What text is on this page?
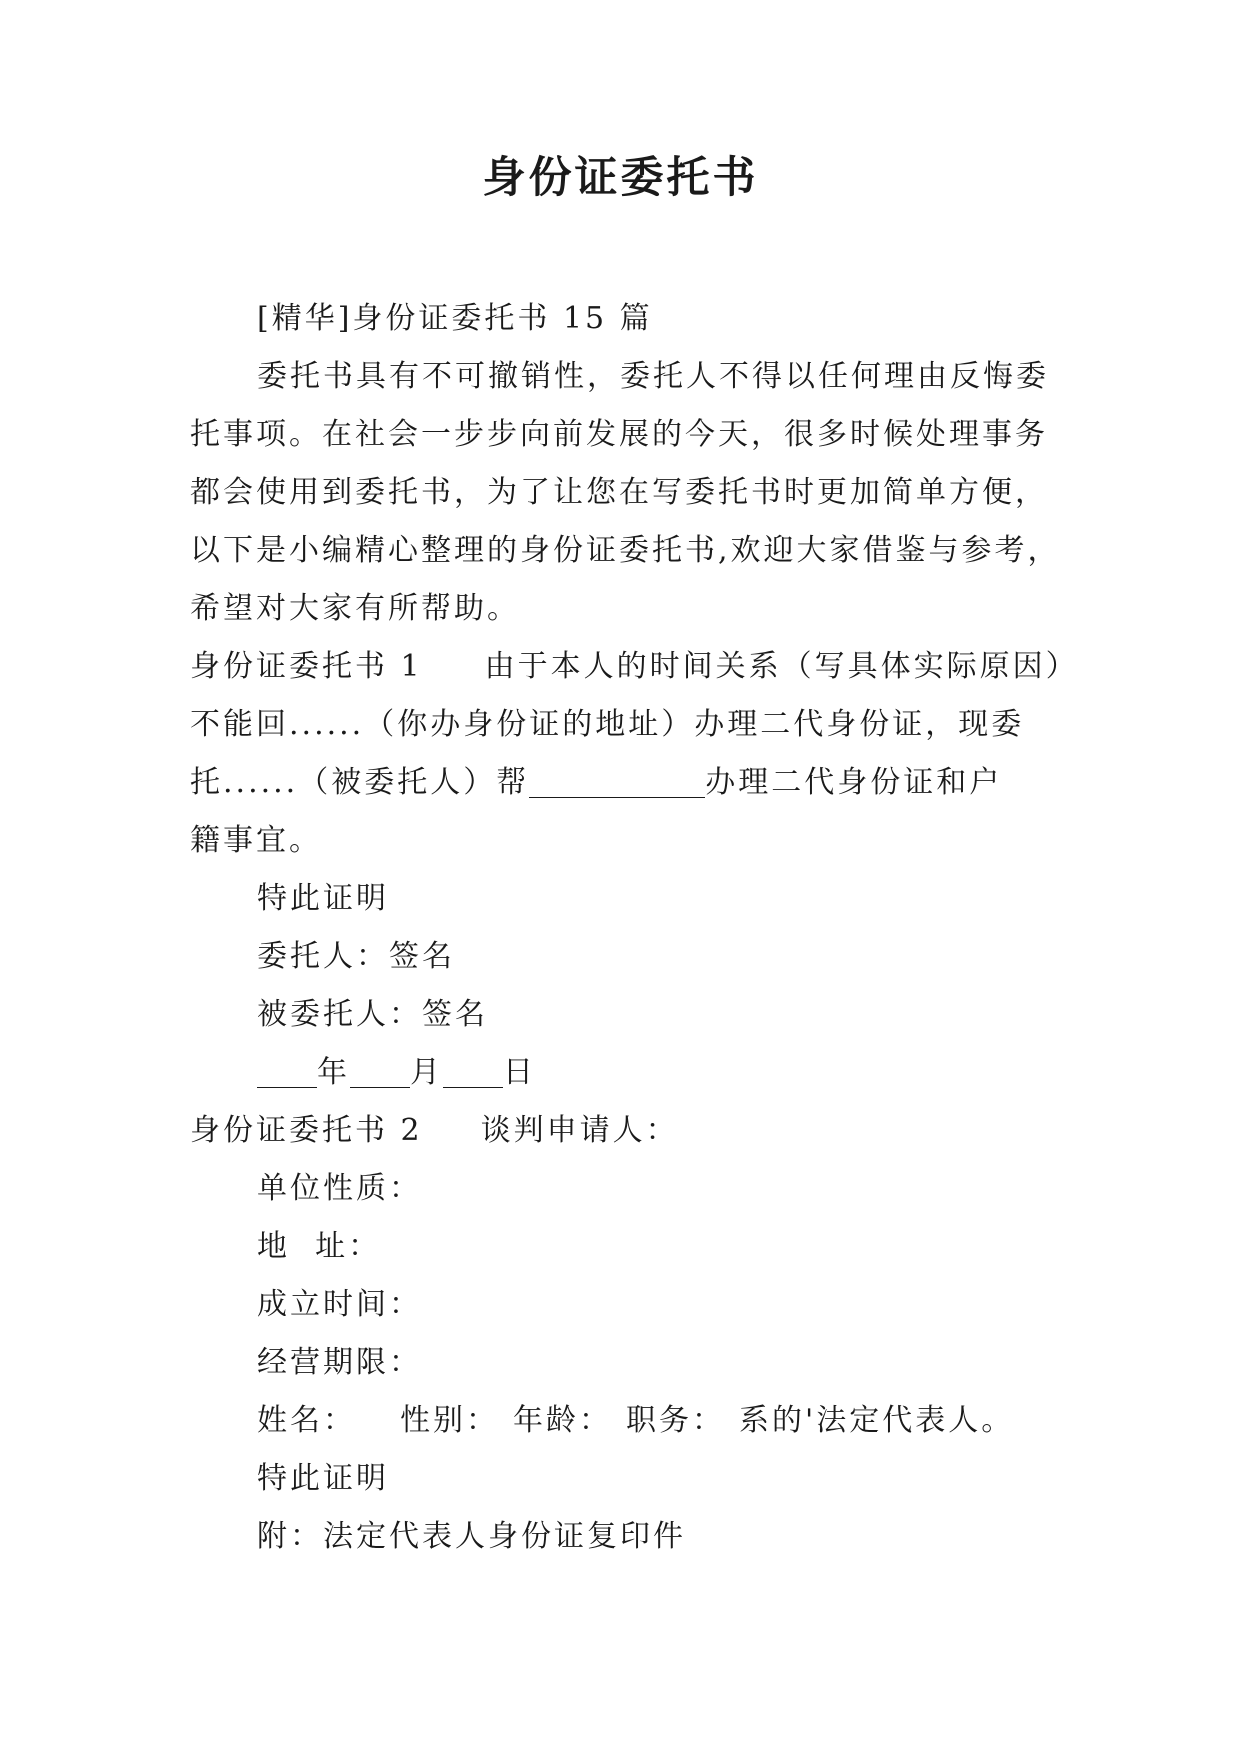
身份证委托书
[精华]身份证委托书 15 篇
委托书具有不可撤销性，委托人不得以任何理由反悔委
托事项。在社会一步步向前发展的今天，很多时候处理事务
都会使用到委托书，为了让您在写委托书时更加简单方便，
以下是小编精心整理的身份证委托书,欢迎大家借鉴与参考，
希望对大家有所帮助。
身份证委托书 1 由于本人的时间关系（写具体实际原因）
不能回......（你办身份证的地址）办理二代身份证，现委
托......（被委托人）帮	办理二代身份证和户
籍事宜。
特此证明
委托人：签名
被委托人：签名
年 月 日
身份证委托书 2 谈判申请人：
单位性质：
地  址：
成立时间：
经营期限：
姓名： 性别： 年龄： 职务： 系的'法定代表人。
特此证明
附：法定代表人身份证复印件
